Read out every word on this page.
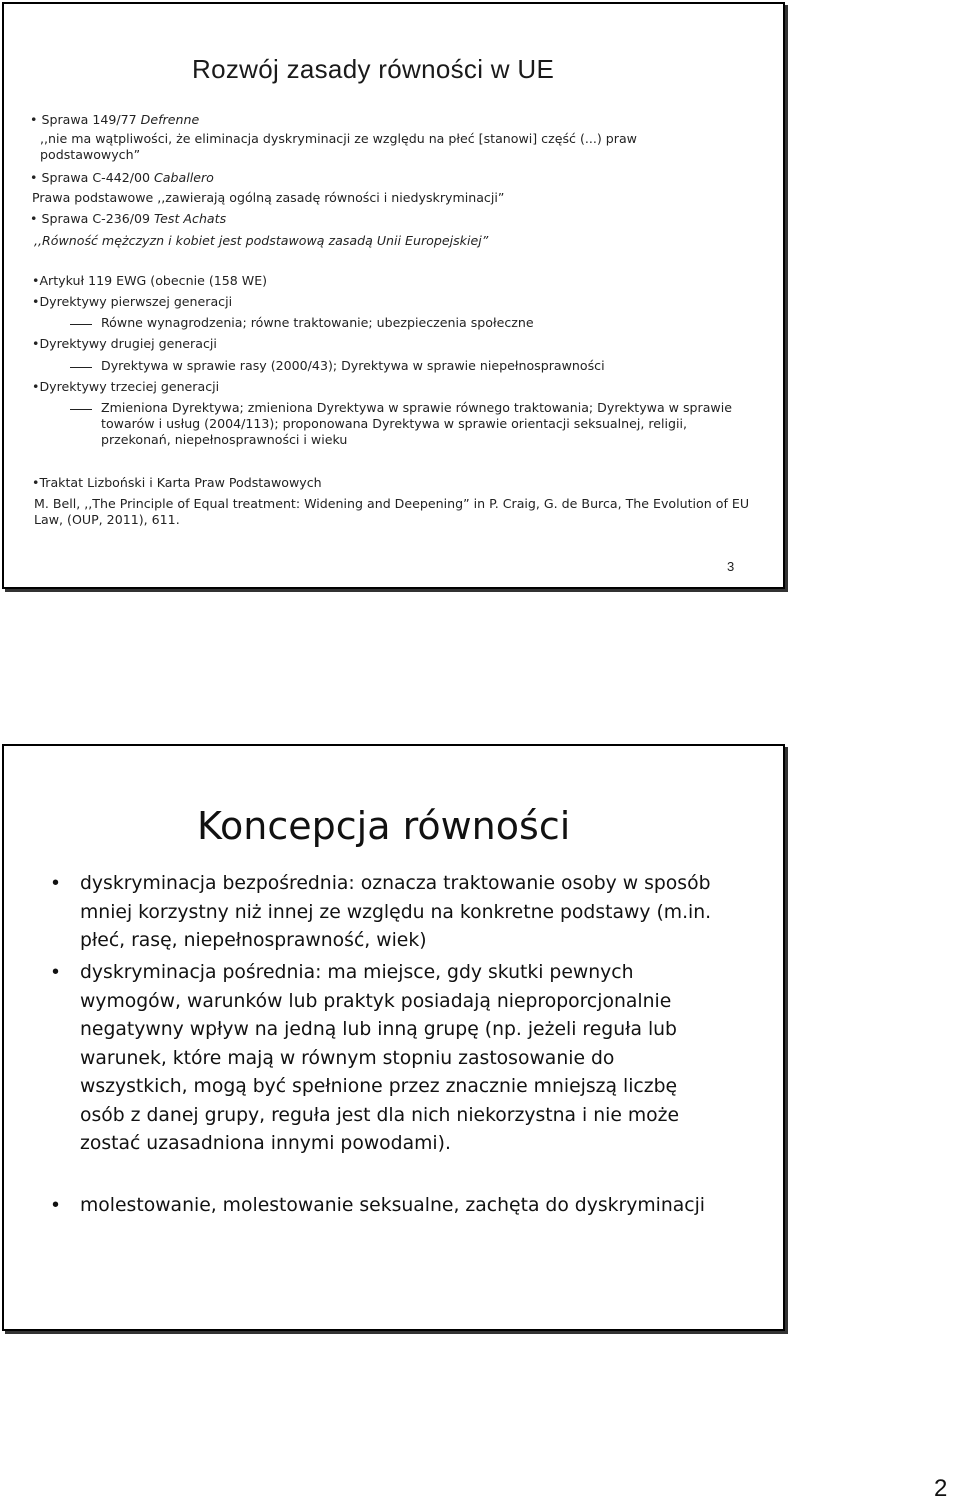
Rozwój zasady równości w UE
• Sprawa 149/77 Defrenne
,,nie ma wątpliwości, że eliminacja dyskryminacji ze względu na płeć [stanowi] część (...) praw podstawowych”
• Sprawa C-442/00 Caballero
Prawa podstawowe ,,zawierają ogólną zasadę równości i niedyskryminacji”
• Sprawa C-236/09 Test Achats
,,Równość mężczyzn i kobiet jest podstawową zasadą Unii Europejskiej”
•Artykuł 119 EWG (obecnie (158 WE)
•Dyrektywy pierwszej generacji
Równe wynagrodzenia; równe traktowanie; ubezpieczenia społeczne
•Dyrektywy drugiej generacji
Dyrektywa w sprawie rasy (2000/43); Dyrektywa w sprawie niepełnosprawności
•Dyrektywy trzeciej generacji
Zmieniona Dyrektywa; zmieniona Dyrektywa w sprawie równego traktowania; Dyrektywa w sprawie towarów i usług (2004/113); proponowana Dyrektywa w sprawie orientacji seksualnej, religii, przekonań, niepełnosprawności i wieku
•Traktat Lizboński i Karta Praw Podstawowych
M. Bell, ,,The Principle of Equal treatment: Widening and Deepening” in P. Craig, G. de Burca, The Evolution of EU Law, (OUP, 2011), 611.
3
Koncepcja równości
• dyskryminacja bezpośrednia: oznacza traktowanie osoby w sposób mniej korzystny niż innej ze względu na konkretne podstawy (m.in. płeć, rasę, niepełnosprawność, wiek)
• dyskryminacja pośrednia: ma miejsce, gdy skutki pewnych wymogów, warunków lub praktyk posiadają nieproporcjonalnie negatywny wpływ na jedną lub inną grupę (np. jeżeli reguła lub warunek, które mają w równym stopniu zastosowanie do wszystkich, mogą być spełnione przez znacznie mniejszą liczbę osób z danej grupy, reguła jest dla nich niekorzystna i nie może zostać uzasadniona innymi powodami).
• molestowanie, molestowanie seksualne, zachęta do dyskryminacji
2
